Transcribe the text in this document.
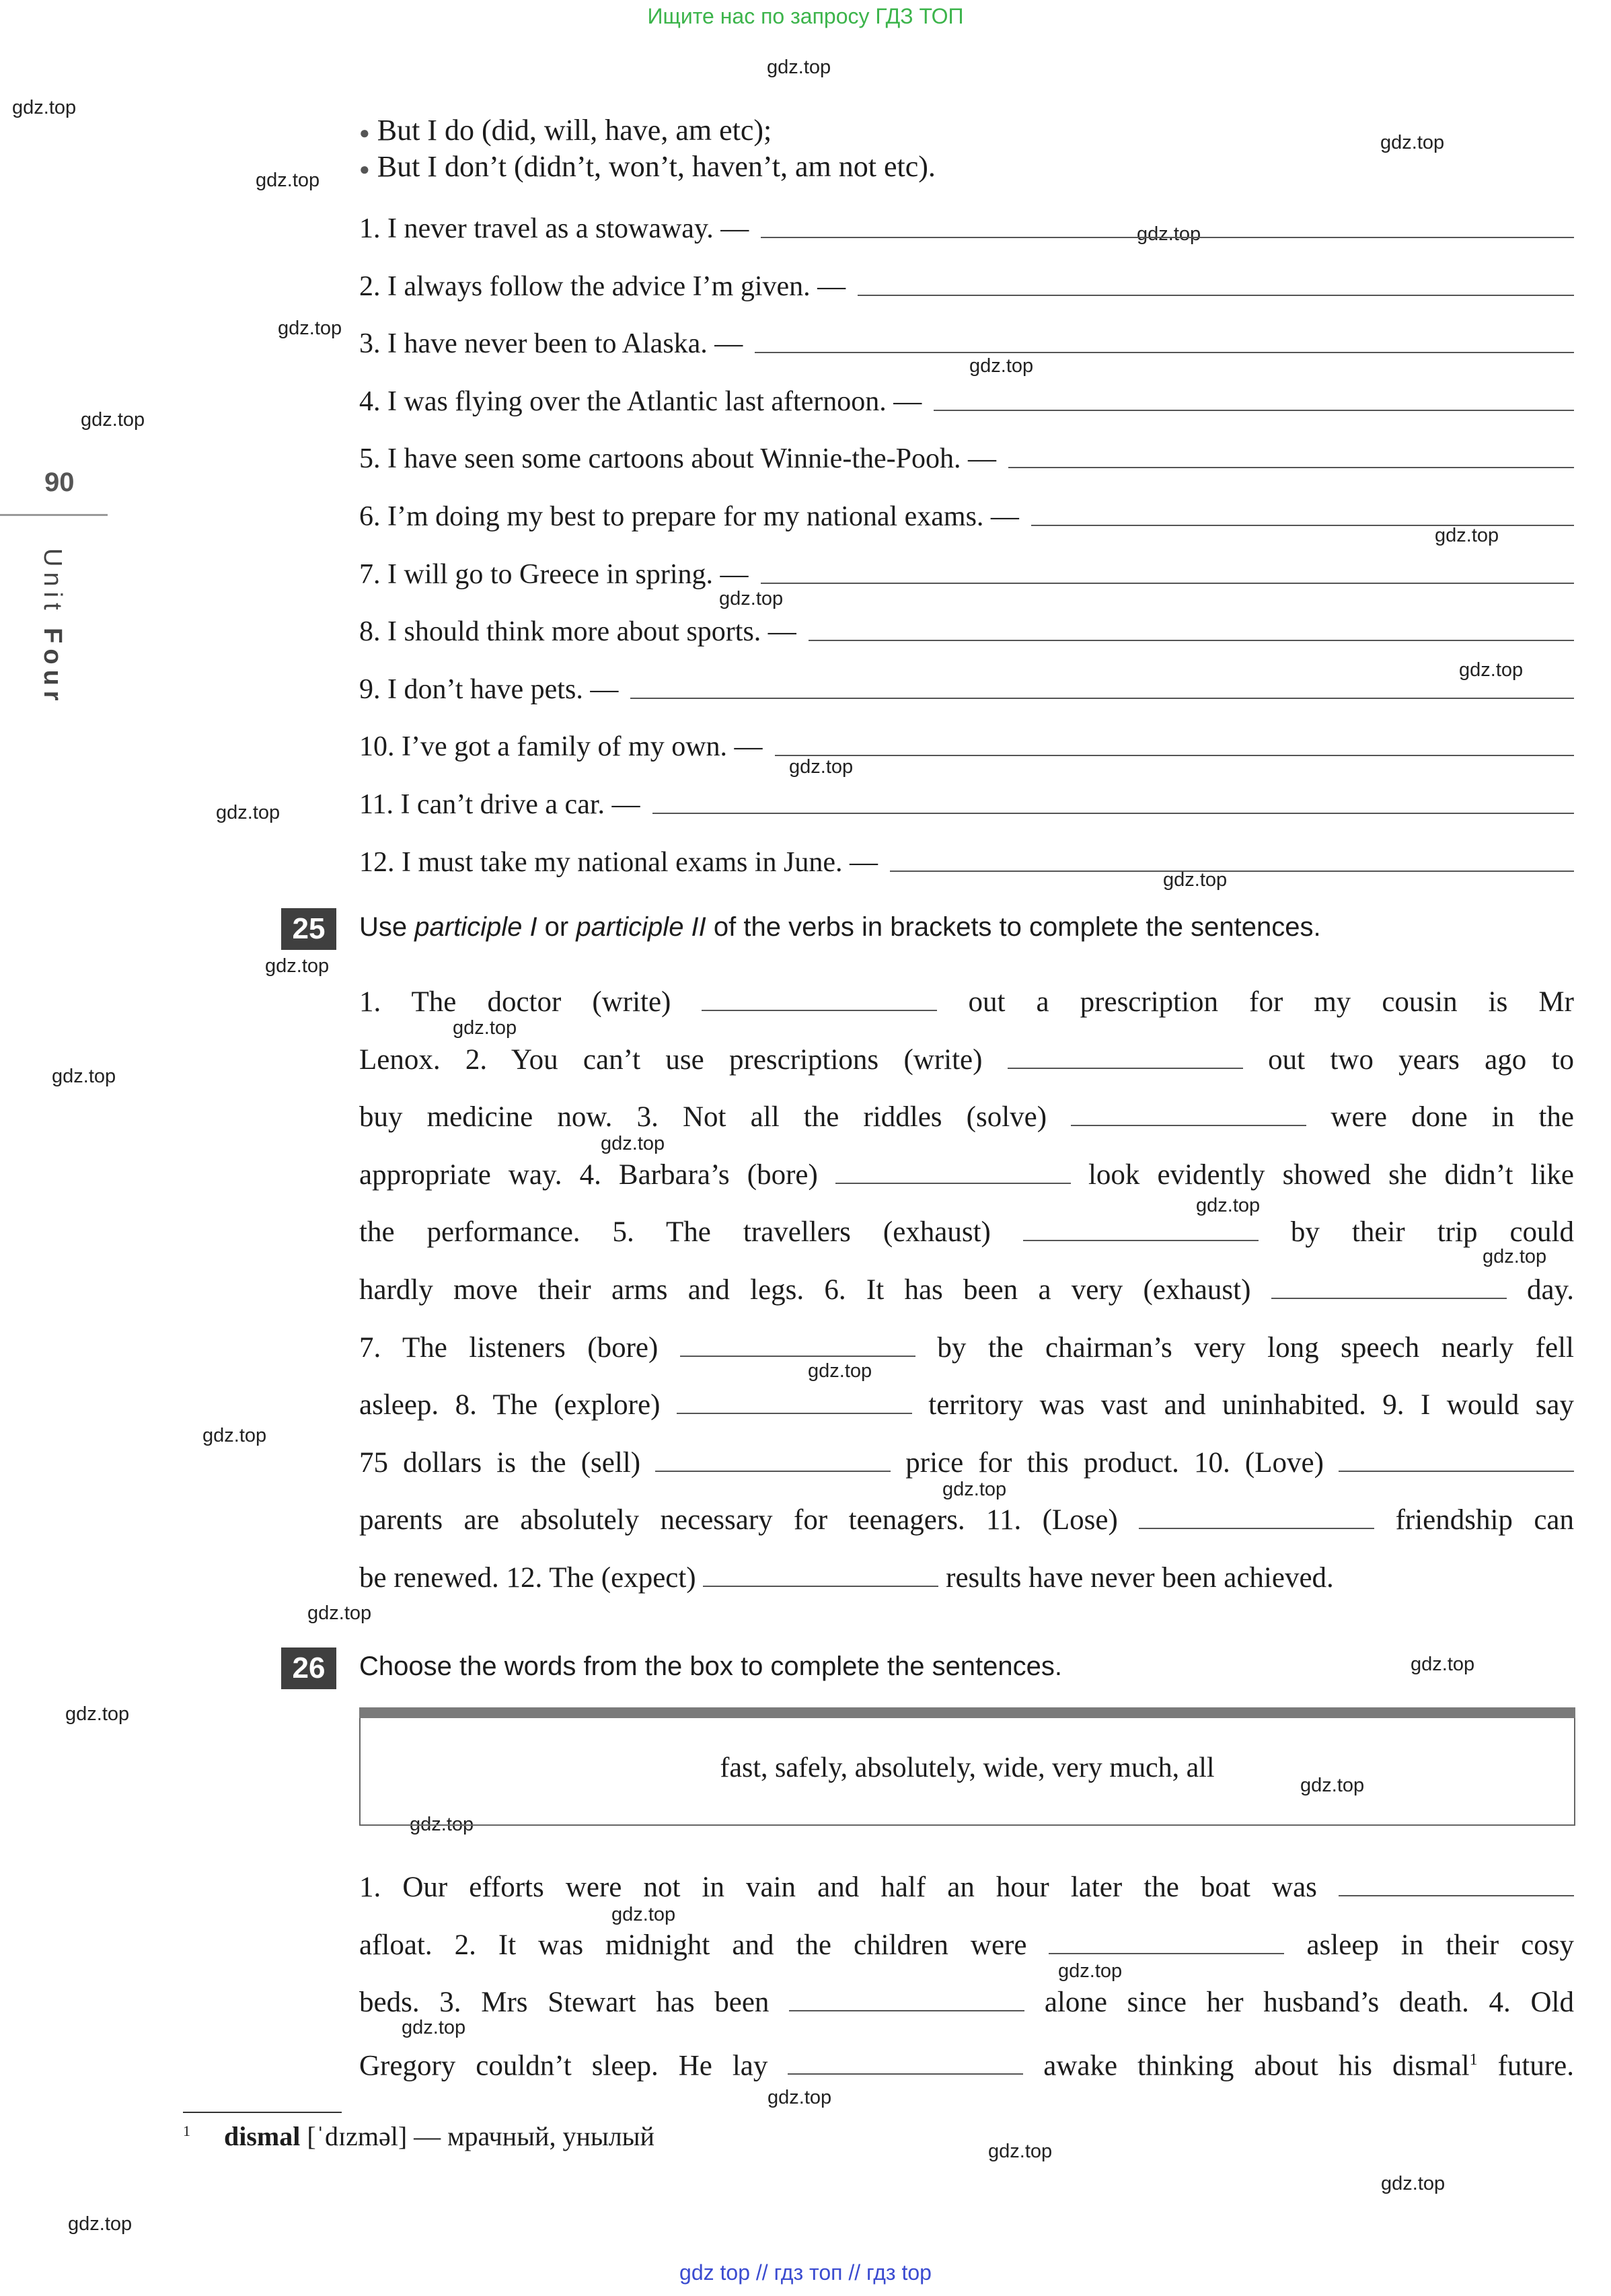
Ищите нас по запросу ГДЗ ТОП
gdz.top
gdz.top
gdz.top
gdz.top
gdz.top
gdz.top
gdz.top
gdz.top
gdz.top
gdz.top
gdz.top
gdz.top
gdz.top
gdz.top
gdz.top
gdz.top
gdz.top
gdz.top
gdz.top
gdz.top
gdz.top
gdz.top
gdz.top
gdz.top
gdz.top
gdz.top
gdz.top
gdz.top
gdz.top
gdz.top
gdz.top
gdz.top
gdz.top
gdz.top
gdz.top
90
Unit Four
● But I do (did, will, have, am etc);
● But I don’t (didn’t, won’t, haven’t, am not etc).
1. I never travel as a stowaway. —
2. I always follow the advice I’m given. —
3. I have never been to Alaska. —
4. I was flying over the Atlantic last afternoon. —
5. I have seen some cartoons about Winnie-the-Pooh. —
6. I’m doing my best to prepare for my national exams. —
7. I will go to Greece in spring. —
8. I should think more about sports. —
9. I don’t have pets. —
10. I’ve got a family of my own. —
11. I can’t drive a car. —
12. I must take my national exams in June. —
25	Use participle I or participle II of the verbs in brackets to complete the sentences.
1. The doctor (write)	out a prescription for my cousin is Mr
Lenox. 2. You can’t use prescriptions (write)	out two years ago to
buy medicine now. 3. Not all the riddles (solve)	were done in the
appropriate way. 4. Barbara’s (bore)	look evidently showed she didn’t like
the performance. 5. The travellers (exhaust)	by their trip could
hardly move their arms and legs. 6. It has been a very (exhaust)	day.
7. The listeners (bore)	by the chairman’s very long speech nearly fell
asleep. 8. The (explore)	territory was vast and uninhabited. 9. I would say
75 dollars is the (sell)	price for this product. 10. (Love)
parents are absolutely necessary for teenagers. 11. (Lose)	friendship can
be renewed. 12. The (expect)	results have never been achieved.
26	Choose the words from the box to complete the sentences.
fast, safely, absolutely, wide, very much, all
1. Our efforts were not in vain and half an hour later the boat was
afloat. 2. It was midnight and the children were	asleep in their cosy
beds. 3. Mrs Stewart has been	alone since her husband’s death. 4. Old
Gregory couldn’t sleep. He lay	awake thinking about his dismal$^1$ future.
$^1$ dismal [ˈdɪzməl] — мрачный, унылый
gdz top // гдз топ // гдз top
